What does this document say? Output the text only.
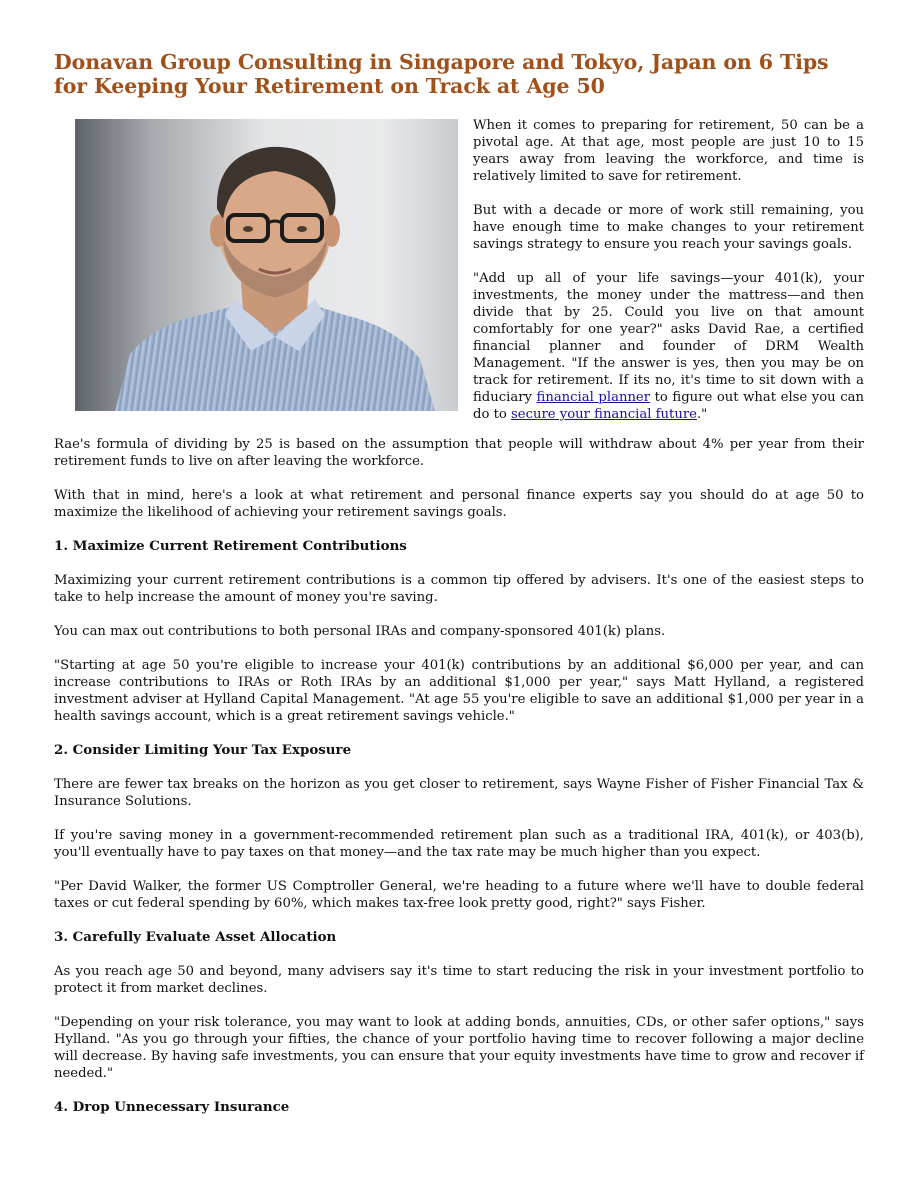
Donavan Group Consulting in Singapore and Tokyo, Japan on 6 Tips for Keeping Your Retirement on Track at Age 50

When it comes to preparing for retirement, 50 can be a pivotal age. At that age, most people are just 10 to 15 years away from leaving the workforce, and time is relatively limited to save for retirement.

But with a decade or more of work still remaining, you have enough time to make changes to your retirement savings strategy to ensure you reach your savings goals.

"Add up all of your life savings—your 401(k), your investments, the money under the mattress—and then divide that by 25. Could you live on that amount comfortably for one year?" asks David Rae, a certified financial planner and founder of DRM Wealth Management. "If the answer is yes, then you may be on track for retirement. If its no, it's time to sit down with a fiduciary financial planner to figure out what else you can do to secure your financial future."

Rae's formula of dividing by 25 is based on the assumption that people will withdraw about 4% per year from their retirement funds to live on after leaving the workforce.

With that in mind, here's a look at what retirement and personal finance experts say you should do at age 50 to maximize the likelihood of achieving your retirement savings goals.

1. Maximize Current Retirement Contributions

Maximizing your current retirement contributions is a common tip offered by advisers. It's one of the easiest steps to take to help increase the amount of money you're saving.

You can max out contributions to both personal IRAs and company-sponsored 401(k) plans.

"Starting at age 50 you're eligible to increase your 401(k) contributions by an additional $6,000 per year, and can increase contributions to IRAs or Roth IRAs by an additional $1,000 per year," says Matt Hylland, a registered investment adviser at Hylland Capital Management. "At age 55 you're eligible to save an additional $1,000 per year in a health savings account, which is a great retirement savings vehicle."

2. Consider Limiting Your Tax Exposure

There are fewer tax breaks on the horizon as you get closer to retirement, says Wayne Fisher of Fisher Financial Tax & Insurance Solutions.

If you're saving money in a government-recommended retirement plan such as a traditional IRA, 401(k), or 403(b), you'll eventually have to pay taxes on that money—and the tax rate may be much higher than you expect.

"Per David Walker, the former US Comptroller General, we're heading to a future where we'll have to double federal taxes or cut federal spending by 60%, which makes tax-free look pretty good, right?" says Fisher.

3. Carefully Evaluate Asset Allocation

As you reach age 50 and beyond, many advisers say it's time to start reducing the risk in your investment portfolio to protect it from market declines.

"Depending on your risk tolerance, you may want to look at adding bonds, annuities, CDs, or other safer options," says Hylland. "As you go through your fifties, the chance of your portfolio having time to recover following a major decline will decrease. By having safe investments, you can ensure that your equity investments have time to grow and recover if needed."

4. Drop Unnecessary Insurance
